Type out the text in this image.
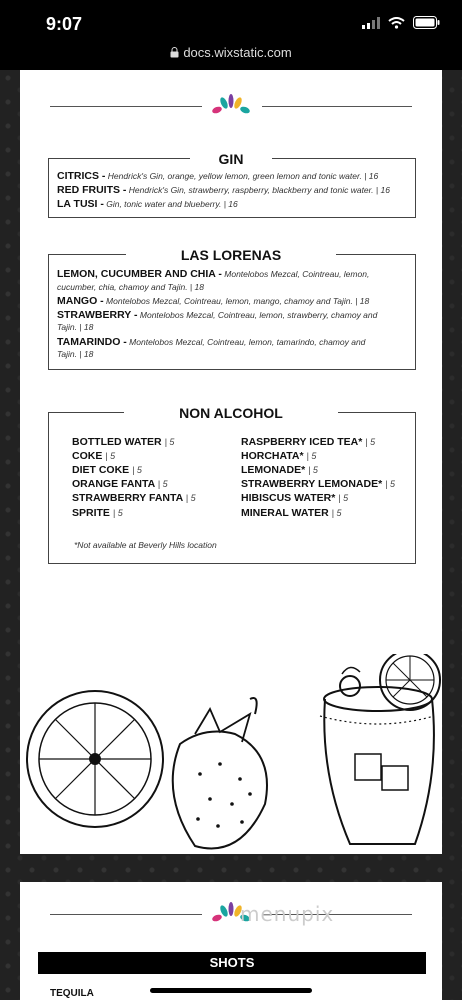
9:07
docs.wixstatic.com
GIN
CITRICS - Hendrick's Gin, orange, yellow lemon, green lemon and tonic water. | 16
RED FRUITS - Hendrick's Gin, strawberry, raspberry, blackberry and tonic water. | 16
LA TUSI - Gin, tonic water and blueberry. | 16
LAS LORENAS
LEMON, CUCUMBER AND CHIA - Montelobos Mezcal, Cointreau, lemon,
cucumber, chia, chamoy and Tajin. | 18
MANGO - Montelobos Mezcal, Cointreau, lemon, mango, chamoy and Tajin. | 18
STRAWBERRY - Montelobos Mezcal, Cointreau, lemon, strawberry, chamoy and
Tajin. | 18
TAMARINDO - Montelobos Mezcal, Cointreau, lemon, tamarindo, chamoy and
Tajin. | 18
NON ALCOHOL
BOTTLED WATER | 5
COKE | 5
DIET COKE | 5
ORANGE FANTA | 5
STRAWBERRY FANTA | 5
SPRITE | 5
RASPBERRY ICED TEA* | 5
HORCHATA* | 5
LEMONADE* | 5
STRAWBERRY LEMONADE* | 5
HIBISCUS WATER* | 5
MINERAL WATER | 5
*Not available at Beverly Hills location
menupix
SHOTS
TEQUILA
